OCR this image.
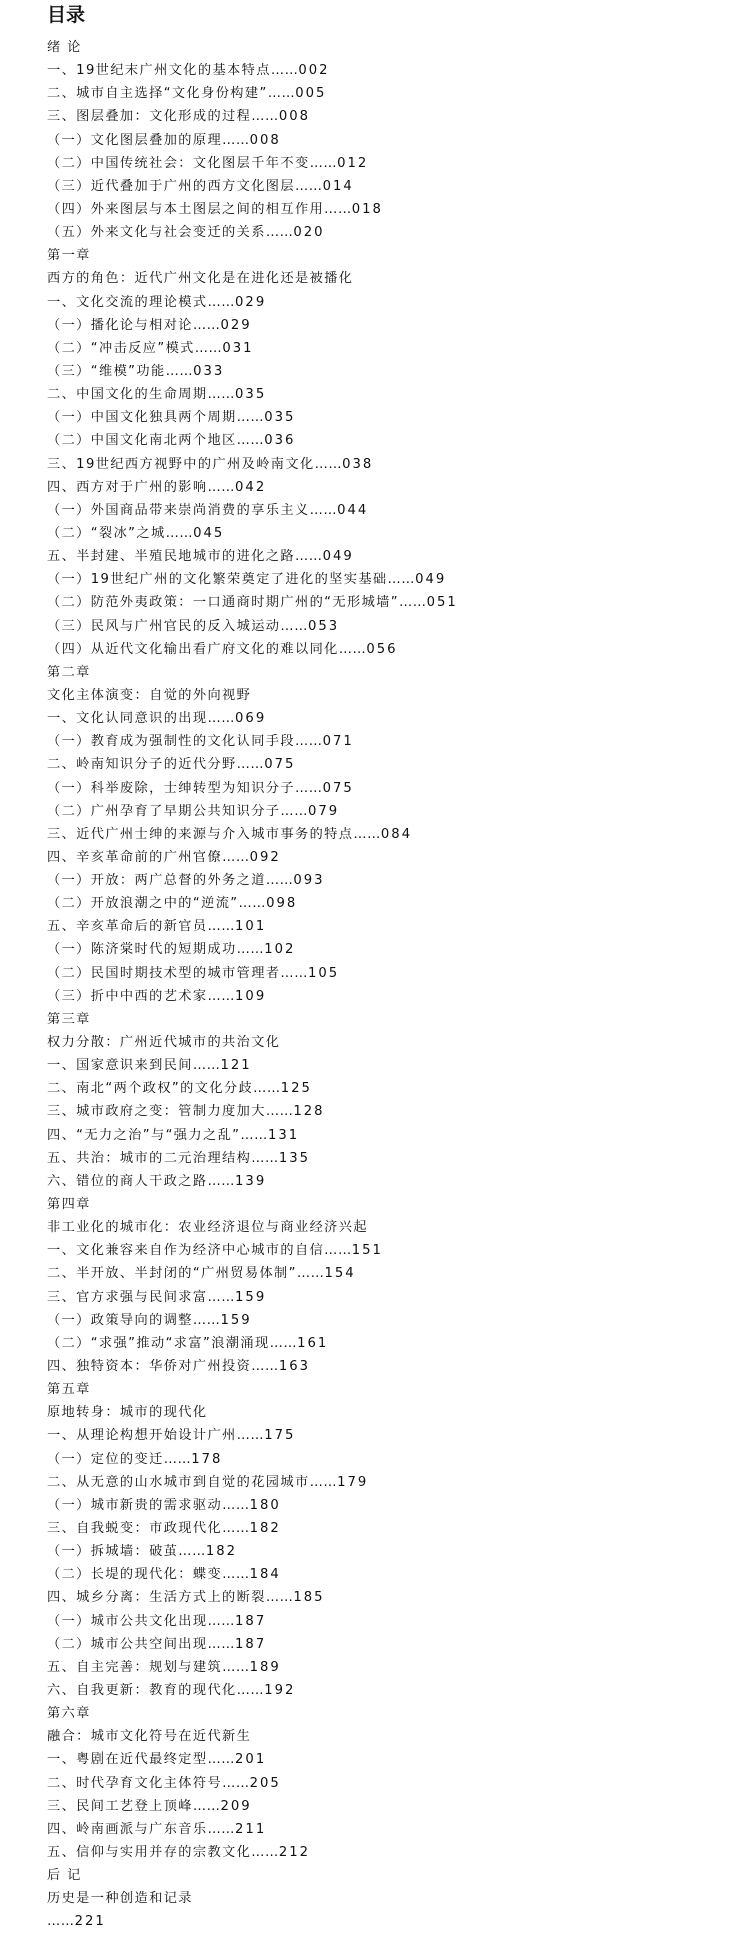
目录
绪 论
一、19世纪末广州文化的基本特点……002
二、城市自主选择“文化身份构建”……005
三、图层叠加：文化形成的过程……008
（一）文化图层叠加的原理……008
（二）中国传统社会：文化图层千年不变……012
（三）近代叠加于广州的西方文化图层……014
（四）外来图层与本土图层之间的相互作用……018
（五）外来文化与社会变迁的关系……020
第一章
西方的角色：近代广州文化是在进化还是被播化
一、文化交流的理论模式……029
（一）播化论与相对论……029
（二）“冲击反应”模式……031
（三）“维模”功能……033
二、中国文化的生命周期……035
（一）中国文化独具两个周期……035
（二）中国文化南北两个地区……036
三、19世纪西方视野中的广州及岭南文化……038
四、西方对于广州的影响……042
（一）外国商品带来崇尚消费的享乐主义……044
（二）“裂冰”之城……045
五、半封建、半殖民地城市的进化之路……049
（一）19世纪广州的文化繁荣奠定了进化的坚实基础……049
（二）防范外夷政策：一口通商时期广州的“无形城墙”……051
（三）民风与广州官民的反入城运动……053
（四）从近代文化输出看广府文化的难以同化……056
第二章
文化主体演变：自觉的外向视野
一、文化认同意识的出现……069
（一）教育成为强制性的文化认同手段……071
二、岭南知识分子的近代分野……075
（一）科举废除，士绅转型为知识分子……075
（二）广州孕育了早期公共知识分子……079
三、近代广州士绅的来源与介入城市事务的特点……084
四、辛亥革命前的广州官僚……092
（一）开放：两广总督的外务之道……093
（二）开放浪潮之中的“逆流”……098
五、辛亥革命后的新官员……101
（一）陈济棠时代的短期成功……102
（二）民国时期技术型的城市管理者……105
（三）折中中西的艺术家……109
第三章
权力分散：广州近代城市的共治文化
一、国家意识来到民间……121
二、南北“两个政权”的文化分歧……125
三、城市政府之变：管制力度加大……128
四、“无力之治”与“强力之乱”……131
五、共治：城市的二元治理结构……135
六、错位的商人干政之路……139
第四章
非工业化的城市化：农业经济退位与商业经济兴起
一、文化兼容来自作为经济中心城市的自信……151
二、半开放、半封闭的“广州贸易体制”……154
三、官方求强与民间求富……159
（一）政策导向的调整……159
（二）“求强”推动“求富”浪潮涌现……161
四、独特资本：华侨对广州投资……163
第五章
原地转身：城市的现代化
一、从理论构想开始设计广州……175
（一）定位的变迁……178
二、从无意的山水城市到自觉的花园城市……179
（一）城市新贵的需求驱动……180
三、自我蜕变：市政现代化……182
（一）拆城墙：破茧……182
（二）长堤的现代化：蝶变……184
四、城乡分离：生活方式上的断裂……185
（一）城市公共文化出现……187
（二）城市公共空间出现……187
五、自主完善：规划与建筑……189
六、自我更新：教育的现代化……192
第六章
融合：城市文化符号在近代新生
一、粤剧在近代最终定型……201
二、时代孕育文化主体符号……205
三、民间工艺登上顶峰……209
四、岭南画派与广东音乐……211
五、信仰与实用并存的宗教文化……212
后 记
历史是一种创造和记录
……221
